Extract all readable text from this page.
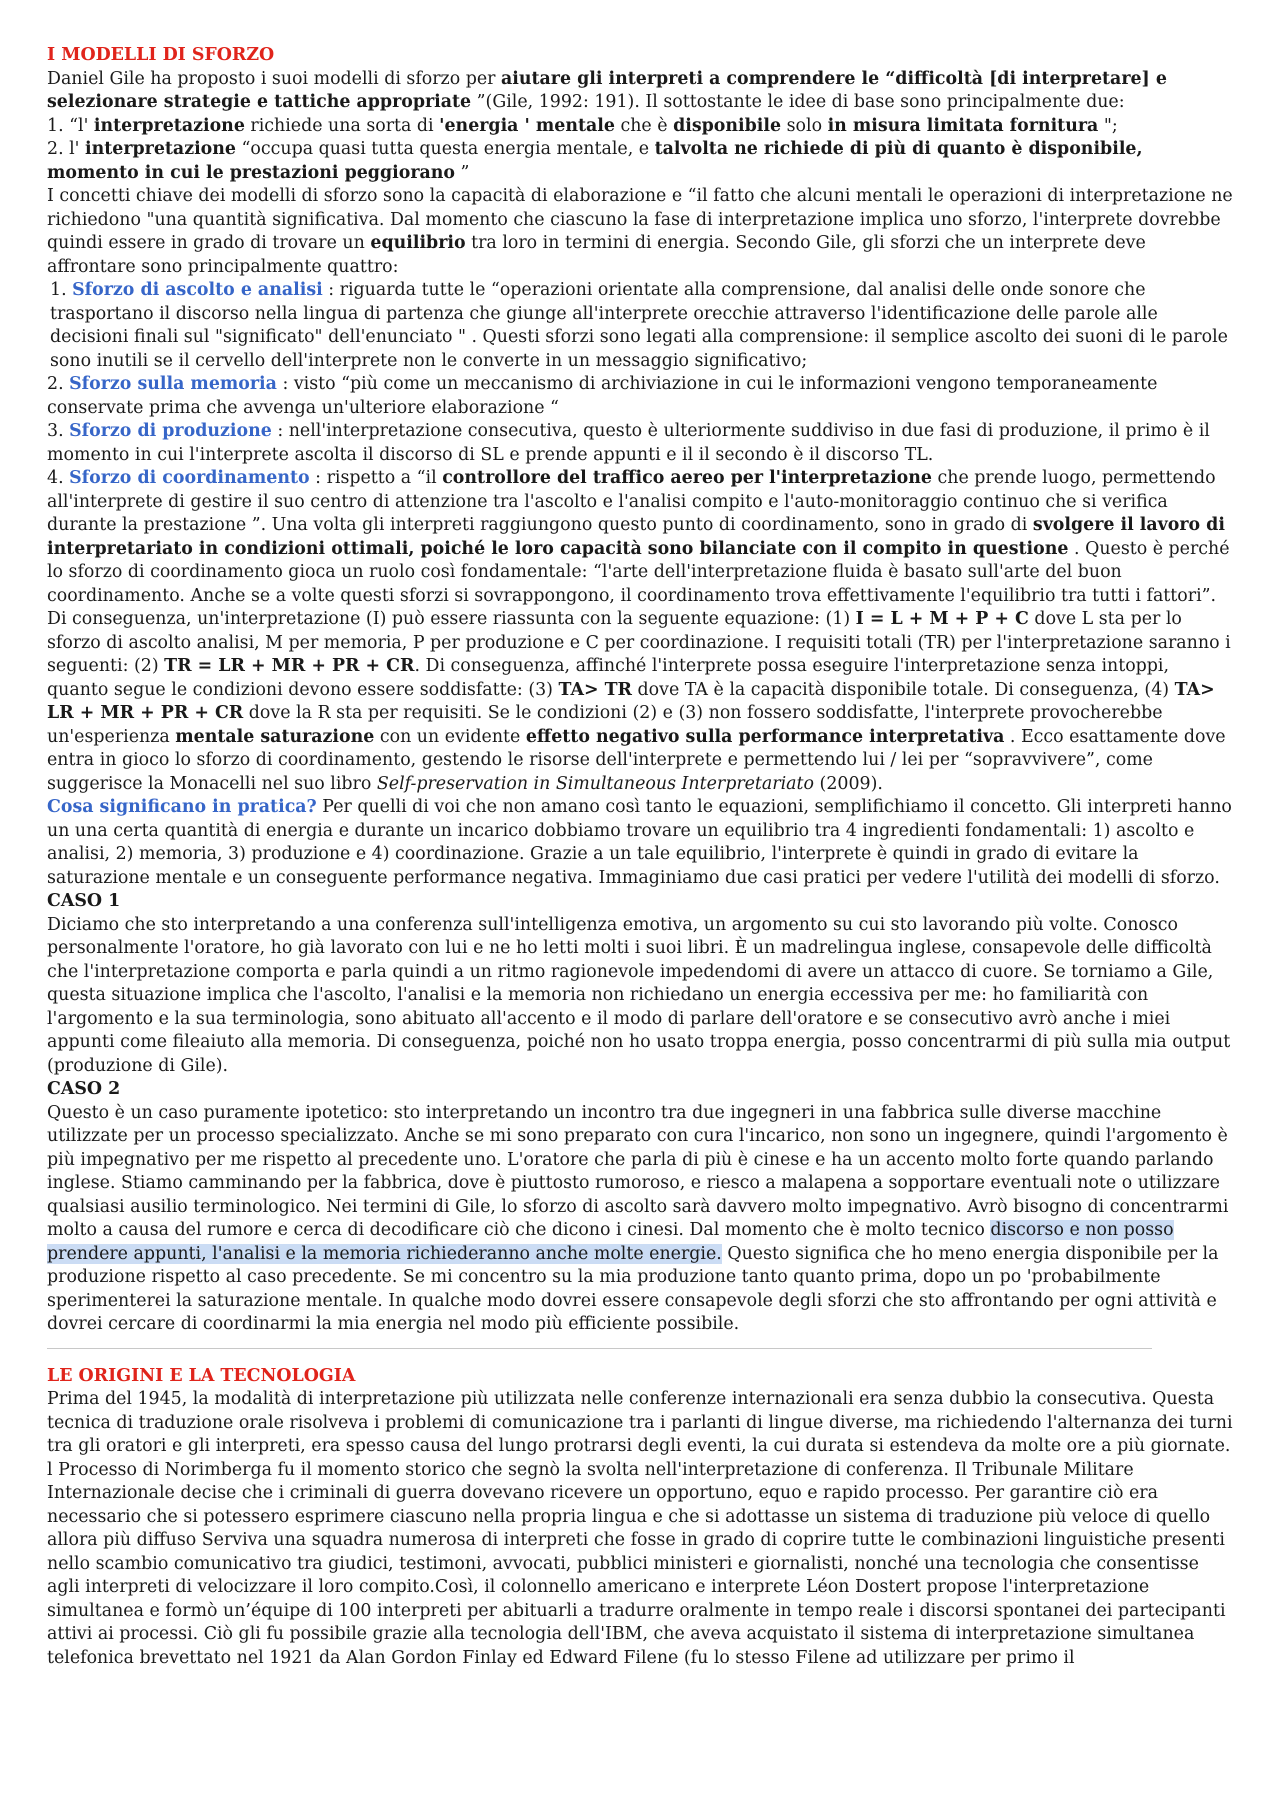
I MODELLI DI SFORZO

Daniel Gile ha proposto i suoi modelli di sforzo per aiutare gli interpreti a comprendere le “difficoltà [di interpretare] e selezionare strategie e tattiche appropriate ”(Gile, 1992: 191). Il sottostante le idee di base sono principalmente due:

1. “l' interpretazione richiede una sorta di 'energia ' mentale che è disponibile solo in misura limitata fornitura ";

2. l' interpretazione “occupa quasi tutta questa energia mentale, e talvolta ne richiede di più di quanto è disponibile, momento in cui le prestazioni peggiorano ”

I concetti chiave dei modelli di sforzo sono la capacità di elaborazione e “il fatto che alcuni mentali le operazioni di interpretazione ne richiedono "una quantità significativa. Dal momento che ciascuno la fase di interpretazione implica uno sforzo, l'interprete dovrebbe quindi essere in grado di trovare un equilibrio tra loro in termini di energia. Secondo Gile, gli sforzi che un interprete deve affrontare sono principalmente quattro:

1. Sforzo di ascolto e analisi : riguarda tutte le “operazioni orientate alla comprensione, dal analisi delle onde sonore che trasportano il discorso nella lingua di partenza che giunge all'interprete orecchie attraverso l'identificazione delle parole alle decisioni finali sul "significato" dell'enunciato " . Questi sforzi sono legati alla comprensione: il semplice ascolto dei suoni di le parole sono inutili se il cervello dell'interprete non le converte in un messaggio significativo;

2. Sforzo sulla memoria : visto “più come un meccanismo di archiviazione in cui le informazioni vengono temporaneamente conservate prima che avvenga un'ulteriore elaborazione “

3. Sforzo di produzione : nell'interpretazione consecutiva, questo è ulteriormente suddiviso in due fasi di produzione, il primo è il momento in cui l'interprete ascolta il discorso di SL e prende appunti e il il secondo è il discorso TL.

4. Sforzo di coordinamento : rispetto a “il controllore del traffico aereo per l'interpretazione che prende luogo, permettendo all'interprete di gestire il suo centro di attenzione tra l'ascolto e l'analisi compito e l'auto-monitoraggio continuo che si verifica durante la prestazione ”. Una volta gli interpreti raggiungono questo punto di coordinamento, sono in grado di svolgere il lavoro di interpretariato in condizioni ottimali, poiché le loro capacità sono bilanciate con il compito in questione . Questo è perché lo sforzo di coordinamento gioca un ruolo così fondamentale: “l'arte dell'interpretazione fluida è basato sull'arte del buon coordinamento. Anche se a volte questi sforzi si sovrappongono, il coordinamento trova effettivamente l'equilibrio tra tutti i fattori”. Di conseguenza, un'interpretazione (I) può essere riassunta con la seguente equazione: (1) I = L + M + P + C dove L sta per lo sforzo di ascolto analisi, M per memoria, P per produzione e C per coordinazione. I requisiti totali (TR) per l'interpretazione saranno i seguenti: (2) TR = LR + MR + PR + CR. Di conseguenza, affinché l'interprete possa eseguire l'interpretazione senza intoppi, quanto segue le condizioni devono essere soddisfatte: (3) TA> TR dove TA è la capacità disponibile totale. Di conseguenza, (4) TA> LR + MR + PR + CR dove la R sta per requisiti. Se le condizioni (2) e (3) non fossero soddisfatte, l'interprete provocherebbe un'esperienza mentale saturazione con un evidente effetto negativo sulla performance interpretativa . Ecco esattamente dove entra in gioco lo sforzo di coordinamento, gestendo le risorse dell'interprete e permettendo lui / lei per “sopravvivere”, come suggerisce la Monacelli nel suo libro Self-preservation in Simultaneous Interpretariato (2009).

Cosa significano in pratica? Per quelli di voi che non amano così tanto le equazioni, semplifichiamo il concetto. Gli interpreti hanno un una certa quantità di energia e durante un incarico dobbiamo trovare un equilibrio tra 4 ingredienti fondamentali: 1) ascolto e analisi, 2) memoria, 3) produzione e 4) coordinazione. Grazie a un tale equilibrio, l'interprete è quindi in grado di evitare la saturazione mentale e un conseguente performance negativa. Immaginiamo due casi pratici per vedere l'utilità dei modelli di sforzo.

CASO 1

Diciamo che sto interpretando a una conferenza sull'intelligenza emotiva, un argomento su cui sto lavorando più volte. Conosco personalmente l'oratore, ho già lavorato con lui e ne ho letti molti i suoi libri. È un madrelingua inglese, consapevole delle difficoltà che l'interpretazione comporta e parla quindi a un ritmo ragionevole impedendomi di avere un attacco di cuore. Se torniamo a Gile, questa situazione implica che l'ascolto, l'analisi e la memoria non richiedano un energia eccessiva per me: ho familiarità con l'argomento e la sua terminologia, sono abituato all'accento e il modo di parlare dell'oratore e se consecutivo avrò anche i miei appunti come fileaiuto alla memoria. Di conseguenza, poiché non ho usato troppa energia, posso concentrarmi di più sulla mia output (produzione di Gile).

CASO 2

Questo è un caso puramente ipotetico: sto interpretando un incontro tra due ingegneri in una fabbrica sulle diverse macchine utilizzate per un processo specializzato. Anche se mi sono preparato con cura l'incarico, non sono un ingegnere, quindi l'argomento è più impegnativo per me rispetto al precedente uno. L'oratore che parla di più è cinese e ha un accento molto forte quando parlando inglese. Stiamo camminando per la fabbrica, dove è piuttosto rumoroso, e riesco a malapena a sopportare eventuali note o utilizzare qualsiasi ausilio terminologico. Nei termini di Gile, lo sforzo di ascolto sarà davvero molto impegnativo. Avrò bisogno di concentrarmi molto a causa del rumore e cerca di decodificare ciò che dicono i cinesi. Dal momento che è molto tecnico discorso e non posso prendere appunti, l'analisi e la memoria richiederanno anche molte energie. Questo significa che ho meno energia disponibile per la produzione rispetto al caso precedente. Se mi concentro su la mia produzione tanto quanto prima, dopo un po 'probabilmente sperimenterei la saturazione mentale. In qualche modo dovrei essere consapevole degli sforzi che sto affrontando per ogni attività e dovrei cercare di coordinarmi la mia energia nel modo più efficiente possibile.

LE ORIGINI E LA TECNOLOGIA

Prima del 1945, la modalità di interpretazione più utilizzata nelle conferenze internazionali era senza dubbio la consecutiva. Questa tecnica di traduzione orale risolveva i problemi di comunicazione tra i parlanti di lingue diverse, ma richiedendo l'alternanza dei turni tra gli oratori e gli interpreti, era spesso causa del lungo protrarsi degli eventi, la cui durata si estendeva da molte ore a più giornate. l Processo di Norimberga fu il momento storico che segnò la svolta nell'interpretazione di conferenza. Il Tribunale Militare Internazionale decise che i criminali di guerra dovevano ricevere un opportuno, equo e rapido processo. Per garantire ciò era necessario che si potessero esprimere ciascuno nella propria lingua e che si adottasse un sistema di traduzione più veloce di quello allora più diffuso Serviva una squadra numerosa di interpreti che fosse in grado di coprire tutte le combinazioni linguistiche presenti nello scambio comunicativo tra giudici, testimoni, avvocati, pubblici ministeri e giornalisti, nonché una tecnologia che consentisse agli interpreti di velocizzare il loro compito.Così, il colonnello americano e interprete Léon Dostert propose l'interpretazione simultanea e formò un’équipe di 100 interpreti per abituarli a tradurre oralmente in tempo reale i discorsi spontanei dei partecipanti attivi ai processi. Ciò gli fu possibile grazie alla tecnologia dell'IBM, che aveva acquistato il sistema di interpretazione simultanea telefonica brevettato nel 1921 da Alan Gordon Finlay ed Edward Filene (fu lo stesso Filene ad utilizzare per primo il
